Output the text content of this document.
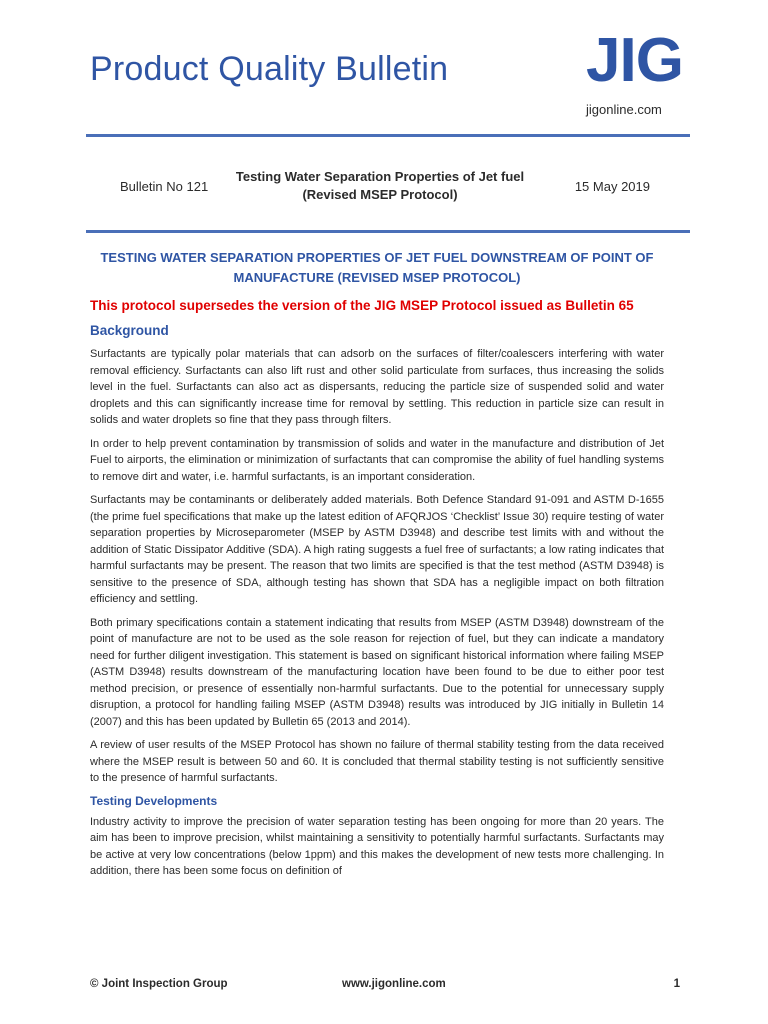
Product Quality Bulletin JIG
jigonline.com
Bulletin No 121
Testing Water Separation Properties of Jet fuel
(Revised MSEP Protocol)
15 May 2019

TESTING WATER SEPARATION PROPERTIES OF JET FUEL DOWNSTREAM OF POINT OF MANUFACTURE (REVISED MSEP PROTOCOL)

This protocol supersedes the version of the JIG MSEP Protocol issued as Bulletin 65

Background

Surfactants are typically polar materials that can adsorb on the surfaces of filter/coalescers interfering with water removal efficiency. Surfactants can also lift rust and other solid particulate from surfaces, thus increasing the solids level in the fuel. Surfactants can also act as dispersants, reducing the particle size of suspended solid and water droplets and this can significantly increase time for removal by settling. This reduction in particle size can result in solids and water droplets so fine that they pass through filters.

In order to help prevent contamination by transmission of solids and water in the manufacture and distribution of Jet Fuel to airports, the elimination or minimization of surfactants that can compromise the ability of fuel handling systems to remove dirt and water, i.e. harmful surfactants, is an important consideration.

Surfactants may be contaminants or deliberately added materials. Both Defence Standard 91-091 and ASTM D-1655 (the prime fuel specifications that make up the latest edition of AFQRJOS ‘Checklist’ Issue 30) require testing of water separation properties by Microseparometer (MSEP by ASTM D3948) and describe test limits with and without the addition of Static Dissipator Additive (SDA). A high rating suggests a fuel free of surfactants; a low rating indicates that harmful surfactants may be present. The reason that two limits are specified is that the test method (ASTM D3948) is sensitive to the presence of SDA, although testing has shown that SDA has a negligible impact on both filtration efficiency and settling.

Both primary specifications contain a statement indicating that results from MSEP (ASTM D3948) downstream of the point of manufacture are not to be used as the sole reason for rejection of fuel, but they can indicate a mandatory need for further diligent investigation. This statement is based on significant historical information where failing MSEP (ASTM D3948) results downstream of the manufacturing location have been found to be due to either poor test method precision, or presence of essentially non-harmful surfactants. Due to the potential for unnecessary supply disruption, a protocol for handling failing MSEP (ASTM D3948) results was introduced by JIG initially in Bulletin 14 (2007) and this has been updated by Bulletin 65 (2013 and 2014).

A review of user results of the MSEP Protocol has shown no failure of thermal stability testing from the data received where the MSEP result is between 50 and 60. It is concluded that thermal stability testing is not sufficiently sensitive to the presence of harmful surfactants.

Testing Developments

Industry activity to improve the precision of water separation testing has been ongoing for more than 20 years. The aim has been to improve precision, whilst maintaining a sensitivity to potentially harmful surfactants. Surfactants may be active at very low concentrations (below 1ppm) and this makes the development of new tests more challenging. In addition, there has been some focus on definition of

© Joint Inspection Group	www.jigonline.com	1
